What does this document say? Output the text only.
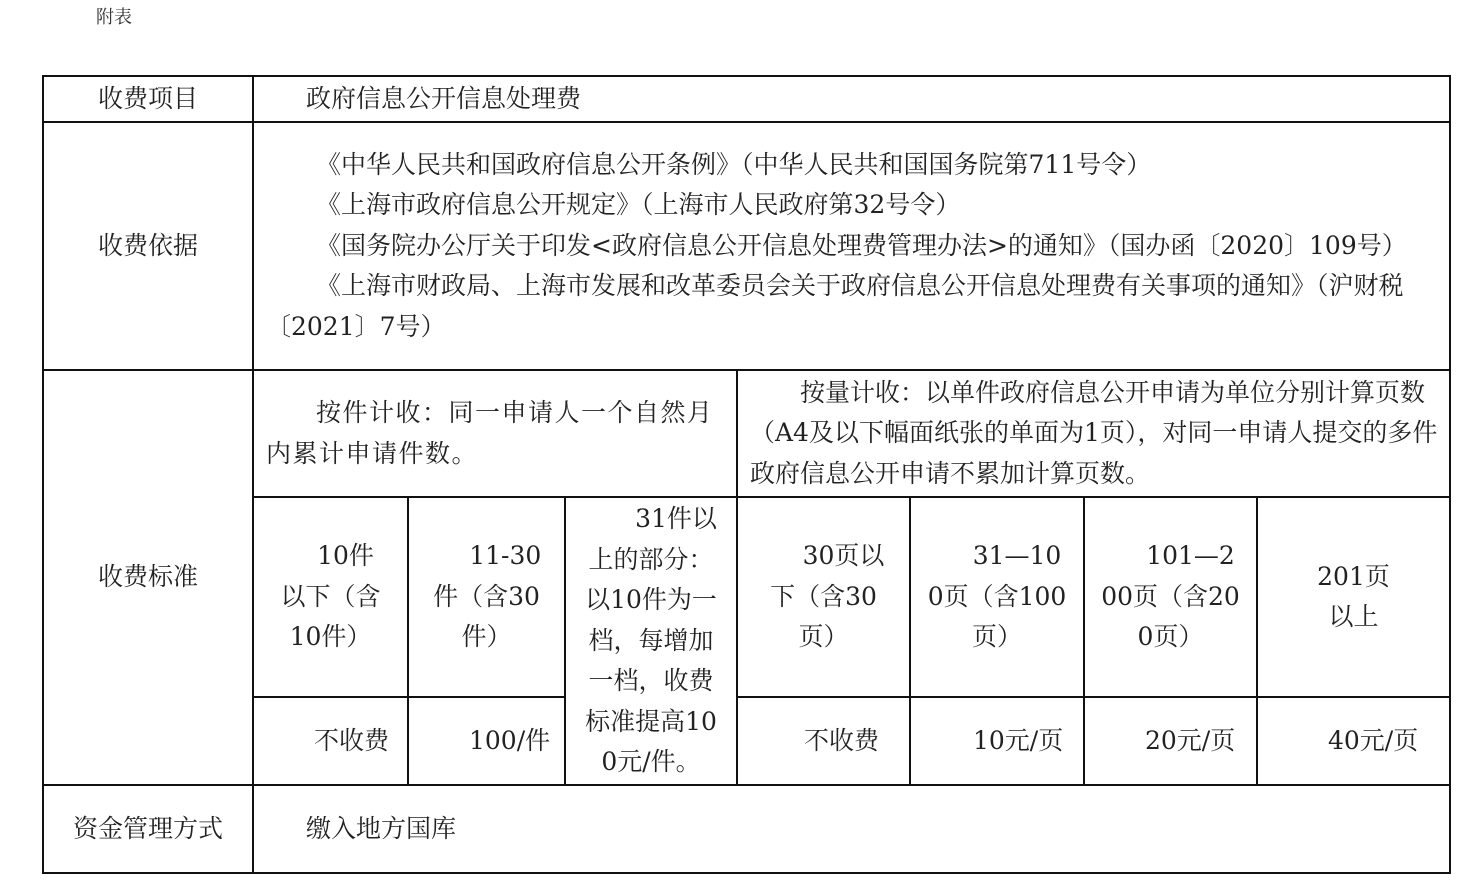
附表
收费项目	政府信息公开信息处理费						
收费依据	《中华人民共和国政府信息公开条例》（中华人民共和国国务院第711号令）

《上海市政府信息公开规定》（上海市人民政府第32号令）

《国务院办公厅关于印发<政府信息公开信息处理费管理办法>的通知》（国办函〔2020〕109号）

《上海市财政局、上海市发展和改革委员会关于政府信息公开信息处理费有关事项的通知》（沪财税〔2021〕7号）						

收费标准	按件计收：同一申请人一个自然月内累计申请件数。			按量计收：以单件政府信息公开申请为单位分别计算页数（A4及以下幅面纸张的单面为1页），对同一申请人提交的多件政府信息公开申请不累加计算页数。			

	10件以下（含10件）	11-30件（含30件）	31件以上的部分：以10件为一档，每增加一档，收费标准提高100元/件。	30页以下（含30页）	31—100页（含100页）	101—200页（含200页）	201页以上

	不收费	100/件		不收费	10元/页	20元/页	40元/页

资金管理方式	缴入地方国库						
